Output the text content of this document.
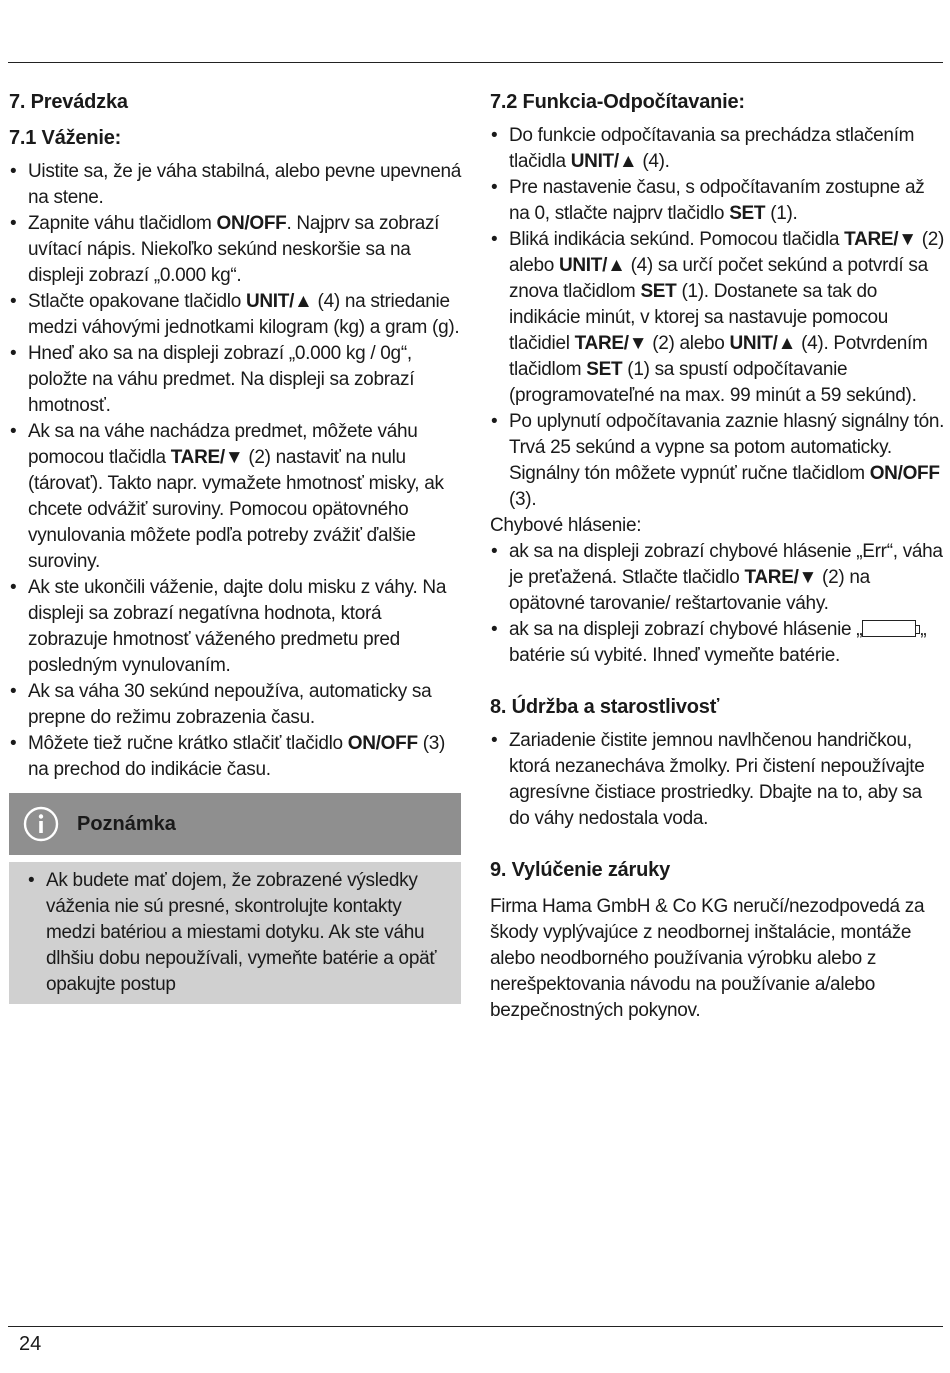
7. Prevádzka
7.1 Váženie:
• Uistite sa, že je váha stabilná, alebo pevne upevnená na stene.
• Zapnite váhu tlačidlom ON/OFF. Najprv sa zobrazí uvítací nápis. Niekoľko sekúnd neskoršie sa na displeji zobrazí „0.000 kg“.
• Stlačte opakovane tlačidlo UNIT/▲ (4) na striedanie medzi váhovými jednotkami kilogram (kg) a gram (g).
• Hneď ako sa na displeji zobrazí „0.000 kg / 0g“, položte na váhu predmet. Na displeji sa zobrazí hmotnosť.
• Ak sa na váhe nachádza predmet, môžete váhu pomocou tlačidla TARE/▼ (2) nastaviť na nulu (tárovať). Takto napr. vymažete hmotnosť misky, ak chcete odvážiť suroviny. Pomocou opätovného vynulovania môžete podľa potreby zvážiť ďalšie suroviny.
• Ak ste ukončili váženie, dajte dolu misku z váhy. Na displeji sa zobrazí negatívna hodnota, ktorá zobrazuje hmotnosť váženého predmetu pred posledným vynulovaním.
• Ak sa váha 30 sekúnd nepoužíva, automaticky sa prepne do režimu zobrazenia času.
• Môžete tiež ručne krátko stlačiť tlačidlo ON/OFF (3) na prechod do indikácie času.
Poznámka
• Ak budete mať dojem, že zobrazené výsledky váženia nie sú presné, skontrolujte kontakty medzi batériou a miestami dotyku. Ak ste váhu dlhšiu dobu nepoužívali, vymeňte batérie a opäť opakujte postup
7.2 Funkcia-Odpočítavanie:
• Do funkcie odpočítavania sa prechádza stlačením tlačidla UNIT/▲ (4).
• Pre nastavenie času, s odpočítavaním zostupne až na 0, stlačte najprv tlačidlo SET (1).
• Bliká indikácia sekúnd. Pomocou tlačidla TARE/▼ (2) alebo UNIT/▲ (4) sa určí počet sekúnd a potvrdí sa znova tlačidlom SET (1). Dostanete sa tak do indikácie minút, v ktorej sa nastavuje pomocou tlačidiel TARE/▼ (2) alebo UNIT/▲ (4). Potvrdením tlačidlom SET (1) sa spustí odpočítavanie (programovateľné na max. 99 minút a 59 sekúnd).
• Po uplynutí odpočítavania zaznie hlasný signálny tón. Trvá 25 sekúnd a vypne sa potom automaticky. Signálny tón môžete vypnúť ručne tlačidlom ON/OFF (3).

Chybové hlásenie:

• ak sa na displeji zobrazí chybové hlásenie „Err“, váha je preťažená. Stlačte tlačidlo TARE/▼ (2) na opätovné tarovanie/ reštartovanie váhy.
• ak sa na displeji zobrazí chybové hlásenie „	„ batérie sú vybité. Ihneď vymeňte batérie.
8. Údržba a starostlivosť
• Zariadenie čistite jemnou navlhčenou handričkou, ktorá nezanecháva žmolky. Pri čistení nepoužívajte agresívne čistiace prostriedky. Dbajte na to, aby sa do váhy nedostala voda.
9. Vylúčenie záruky

Firma Hama GmbH & Co KG neručí/nezodpovedá za škody vyplývajúce z neodbornej inštalácie, montáže alebo neodborného používania výrobku alebo z nerešpektovania návodu na používanie a/alebo bezpečnostných pokynov.

24
